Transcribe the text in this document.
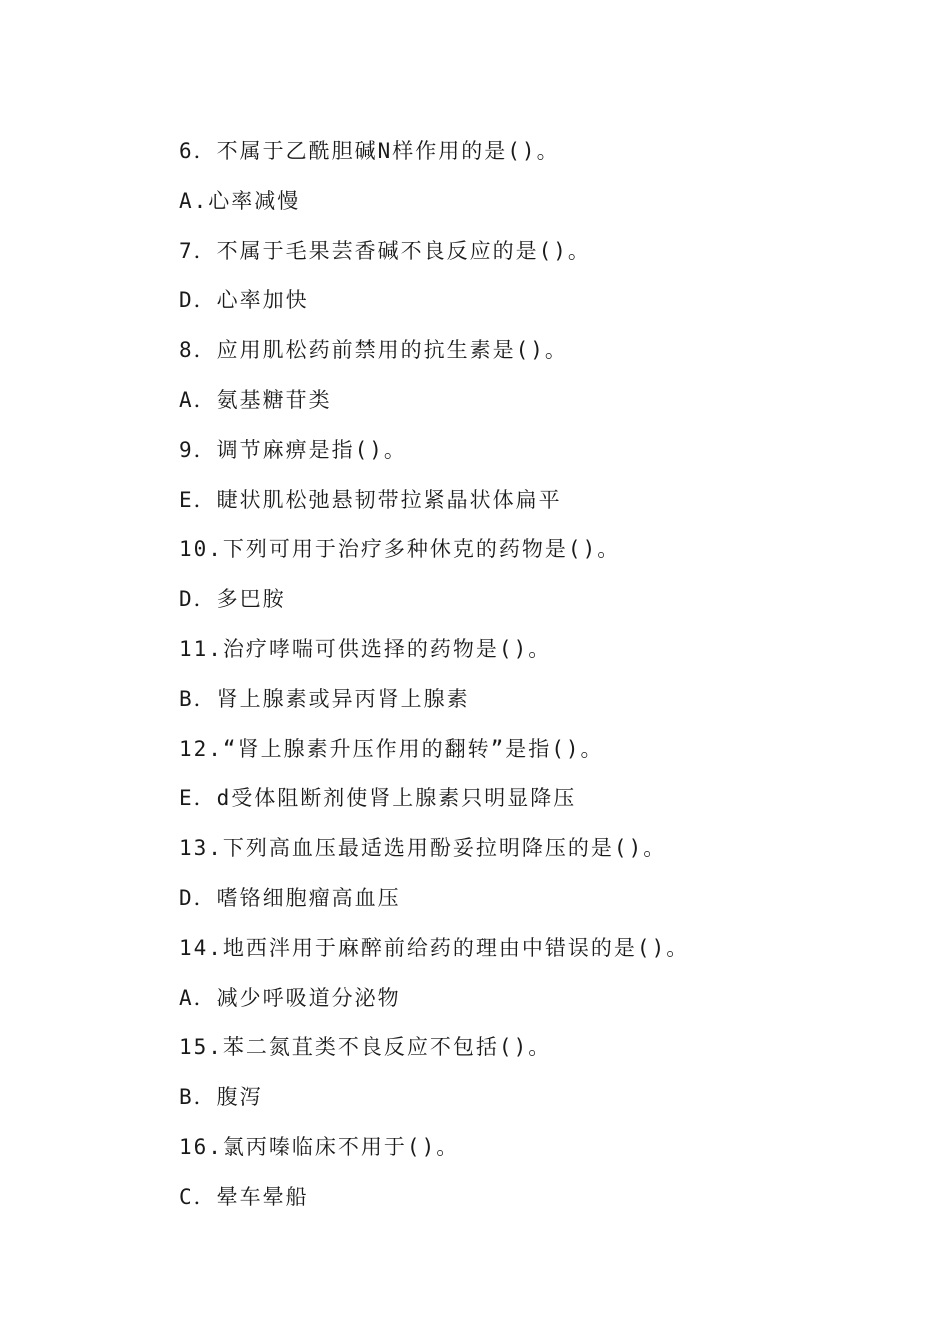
6．不属于乙酰胆碱N样作用的是()。
A.心率减慢
7．不属于毛果芸香碱不良反应的是()。
D．心率加快
8．应用肌松药前禁用的抗生素是()。
A．氨基糖苷类
9．调节麻痹是指()。
E．睫状肌松弛悬韧带拉紧晶状体扁平
10.下列可用于治疗多种休克的药物是()。
D．多巴胺
11.治疗哮喘可供选择的药物是()。
B．肾上腺素或异丙肾上腺素
12.“肾上腺素升压作用的翻转”是指()。
E．d受体阻断剂使肾上腺素只明显降压
13.下列高血压最适选用酚妥拉明降压的是()。
D．嗜铬细胞瘤高血压
14.地西泮用于麻醉前给药的理由中错误的是()。
A．减少呼吸道分泌物
15.苯二氮苴类不良反应不包括()。
B．腹泻
16.氯丙嗪临床不用于()。
C．晕车晕船
